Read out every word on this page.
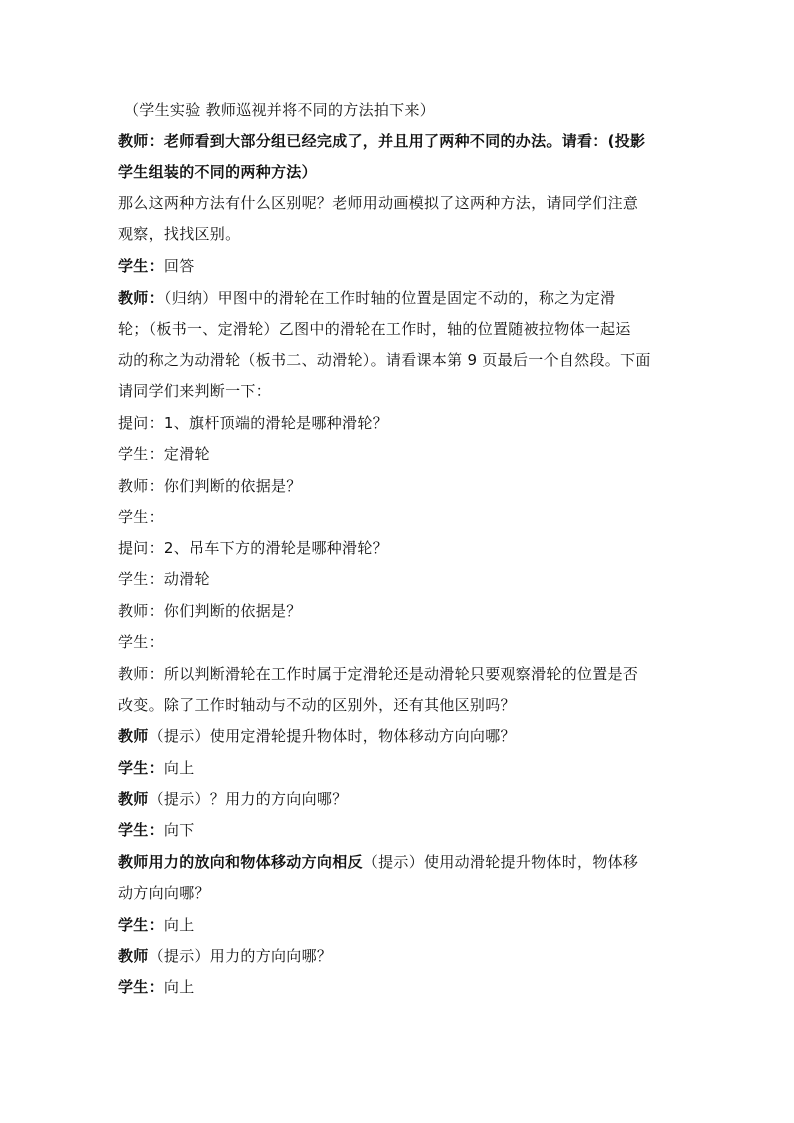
（学生实验 教师巡视并将不同的方法拍下来）
教师：老师看到大部分组已经完成了，并且用了两种不同的办法。请看：(投影
学生组装的不同的两种方法）
那么这两种方法有什么区别呢？老师用动画模拟了这两种方法，请同学们注意
观察，找找区别。
学生：回答
教师：（归纳）甲图中的滑轮在工作时轴的位置是固定不动的，称之为定滑
轮；（板书一、定滑轮）乙图中的滑轮在工作时，轴的位置随被拉物体一起运
动的称之为动滑轮（板书二、动滑轮）。请看课本第 9 页最后一个自然段。下面
请同学们来判断一下：
提问：1、旗杆顶端的滑轮是哪种滑轮？
学生：定滑轮
教师：你们判断的依据是？
学生：
提问：2、吊车下方的滑轮是哪种滑轮？
学生：动滑轮
教师：你们判断的依据是？
学生：
教师：所以判断滑轮在工作时属于定滑轮还是动滑轮只要观察滑轮的位置是否
改变。除了工作时轴动与不动的区别外，还有其他区别吗？
教师（提示）使用定滑轮提升物体时，物体移动方向向哪？
学生：向上
教师（提示）？用力的方向向哪？
学生：向下
教师用力的放向和物体移动方向相反（提示）使用动滑轮提升物体时，物体移
动方向向哪？
学生：向上
教师（提示）用力的方向向哪？
学生：向上
